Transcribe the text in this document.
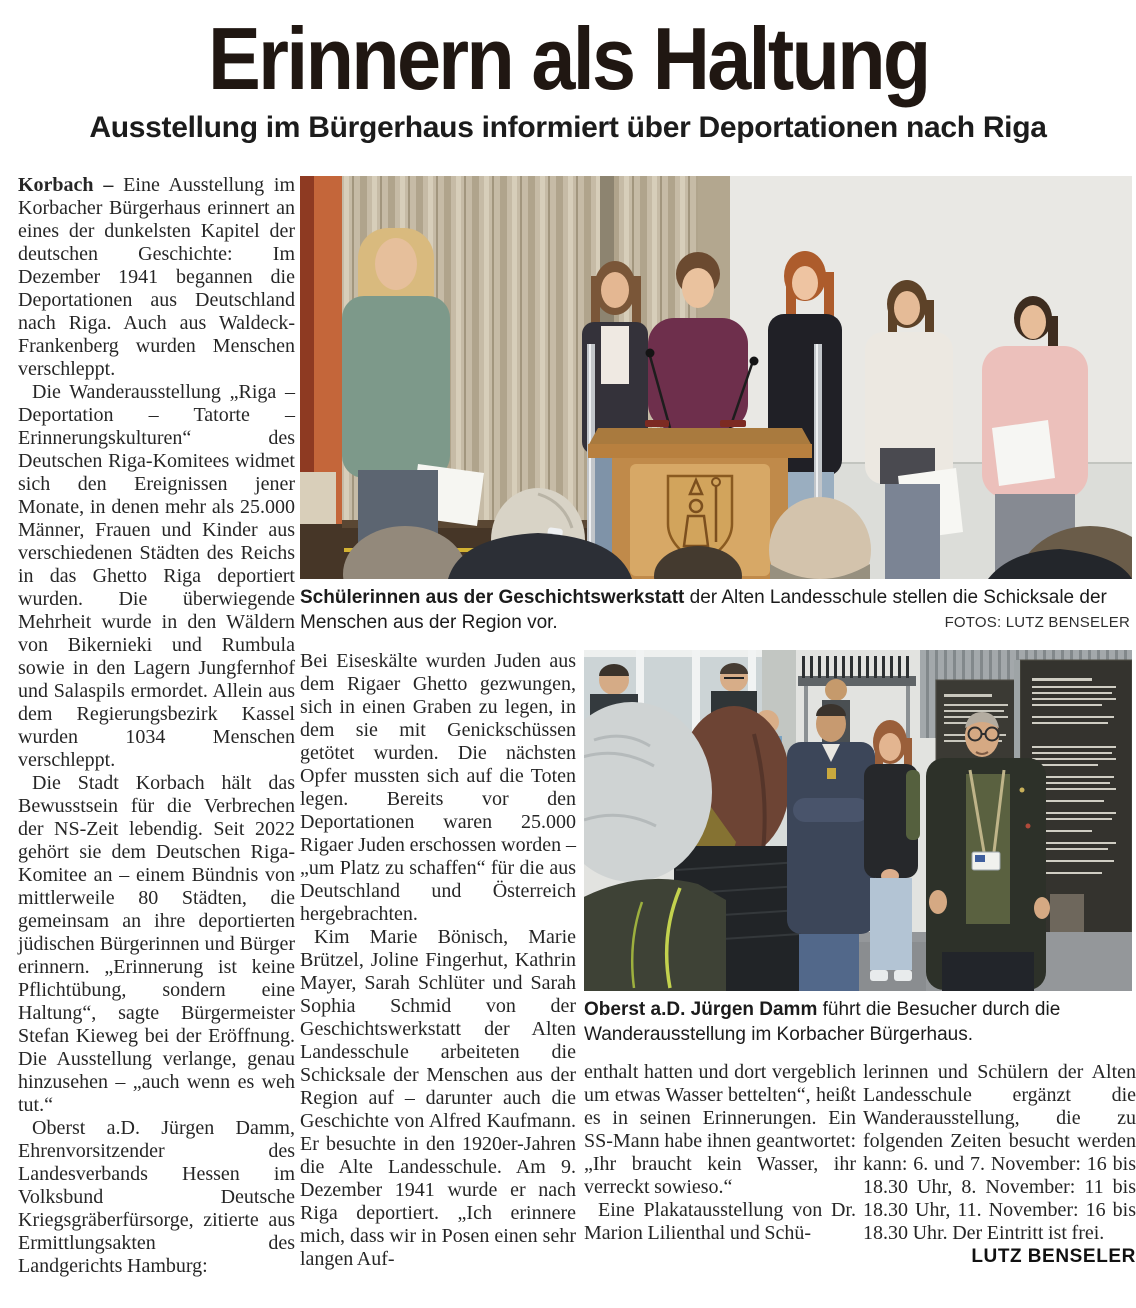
Erinnern als Haltung
Ausstellung im Bürgerhaus informiert über Deportationen nach Riga

Korbach – Eine Ausstellung im Korbacher Bürgerhaus erinnert an eines der dunkelsten Kapitel der deutschen Geschichte: Im Dezember 1941 begannen die Deportationen aus Deutschland nach Riga. Auch aus Waldeck-Frankenberg wurden Menschen verschleppt.

Die Wanderausstellung „Riga – Deportation – Tatorte – Erinnerungskulturen“ des Deutschen Riga-Komitees widmet sich den Ereignissen jener Monate, in denen mehr als 25.000 Männer, Frauen und Kinder aus verschiedenen Städten des Reichs in das Ghetto Riga deportiert wurden. Die überwiegende Mehrheit wurde in den Wäldern von Bikernieki und Rumbula sowie in den Lagern Jungfernhof und Salaspils ermordet. Allein aus dem Regierungsbezirk Kassel wurden 1034 Menschen verschleppt.

Die Stadt Korbach hält das Bewusstsein für die Verbrechen der NS-Zeit lebendig. Seit 2022 gehört sie dem Deutschen Riga-Komitee an – einem Bündnis von mittlerweile 80 Städten, die gemeinsam an ihre deportierten jüdischen Bürgerinnen und Bürger erinnern. „Erinnerung ist keine Pflichtübung, sondern eine Haltung“, sagte Bürgermeister Stefan Kieweg bei der Eröffnung. Die Ausstellung verlange, genau hinzusehen – „auch wenn es weh tut.“

Oberst a.D. Jürgen Damm, Ehrenvorsitzender des Landesverbands Hessen im Volksbund Deutsche Kriegsgräberfürsorge, zitierte aus Ermittlungsakten des Landgerichts Hamburg:

Schülerinnen aus der Geschichtswerkstatt der Alten Landesschule stellen die Schicksale der Menschen aus der Region vor.	FOTOS: LUTZ BENSELER

Bei Eiseskälte wurden Juden aus dem Rigaer Ghetto gezwungen, sich in einen Graben zu legen, in dem sie mit Genickschüssen getötet wurden. Die nächsten Opfer mussten sich auf die Toten legen. Bereits vor den Deportationen waren 25.000 Rigaer Juden erschossen worden – „um Platz zu schaffen“ für die aus Deutschland und Österreich hergebrachten.

Kim Marie Bönisch, Marie Brützel, Joline Fingerhut, Kathrin Mayer, Sarah Schlüter und Sarah Sophia Schmid von der Geschichtswerkstatt der Alten Landesschule arbeiteten die Schicksale der Menschen aus der Region auf – darunter auch die Geschichte von Alfred Kaufmann. Er besuchte in den 1920er-Jahren die Alte Landesschule. Am 9. Dezember 1941 wurde er nach Riga deportiert. „Ich erinnere mich, dass wir in Posen einen sehr langen Auf-

Oberst a.D. Jürgen Damm führt die Besucher durch die Wanderausstellung im Korbacher Bürgerhaus.

enthalt hatten und dort vergeblich um etwas Wasser bettelten“, heißt es in seinen Erinnerungen. Ein SS-Mann habe ihnen geantwortet: „Ihr braucht kein Wasser, ihr verreckt sowieso.“

Eine Plakatausstellung von Dr. Marion Lilienthal und Schü-

lerinnen und Schülern der Alten Landesschule ergänzt die Wanderausstellung, die zu folgenden Zeiten besucht werden kann: 6. und 7. November: 16 bis 18.30 Uhr, 8. November: 11 bis 18.30 Uhr, 11. November: 16 bis 18.30 Uhr. Der Eintritt ist frei.

LUTZ BENSELER
